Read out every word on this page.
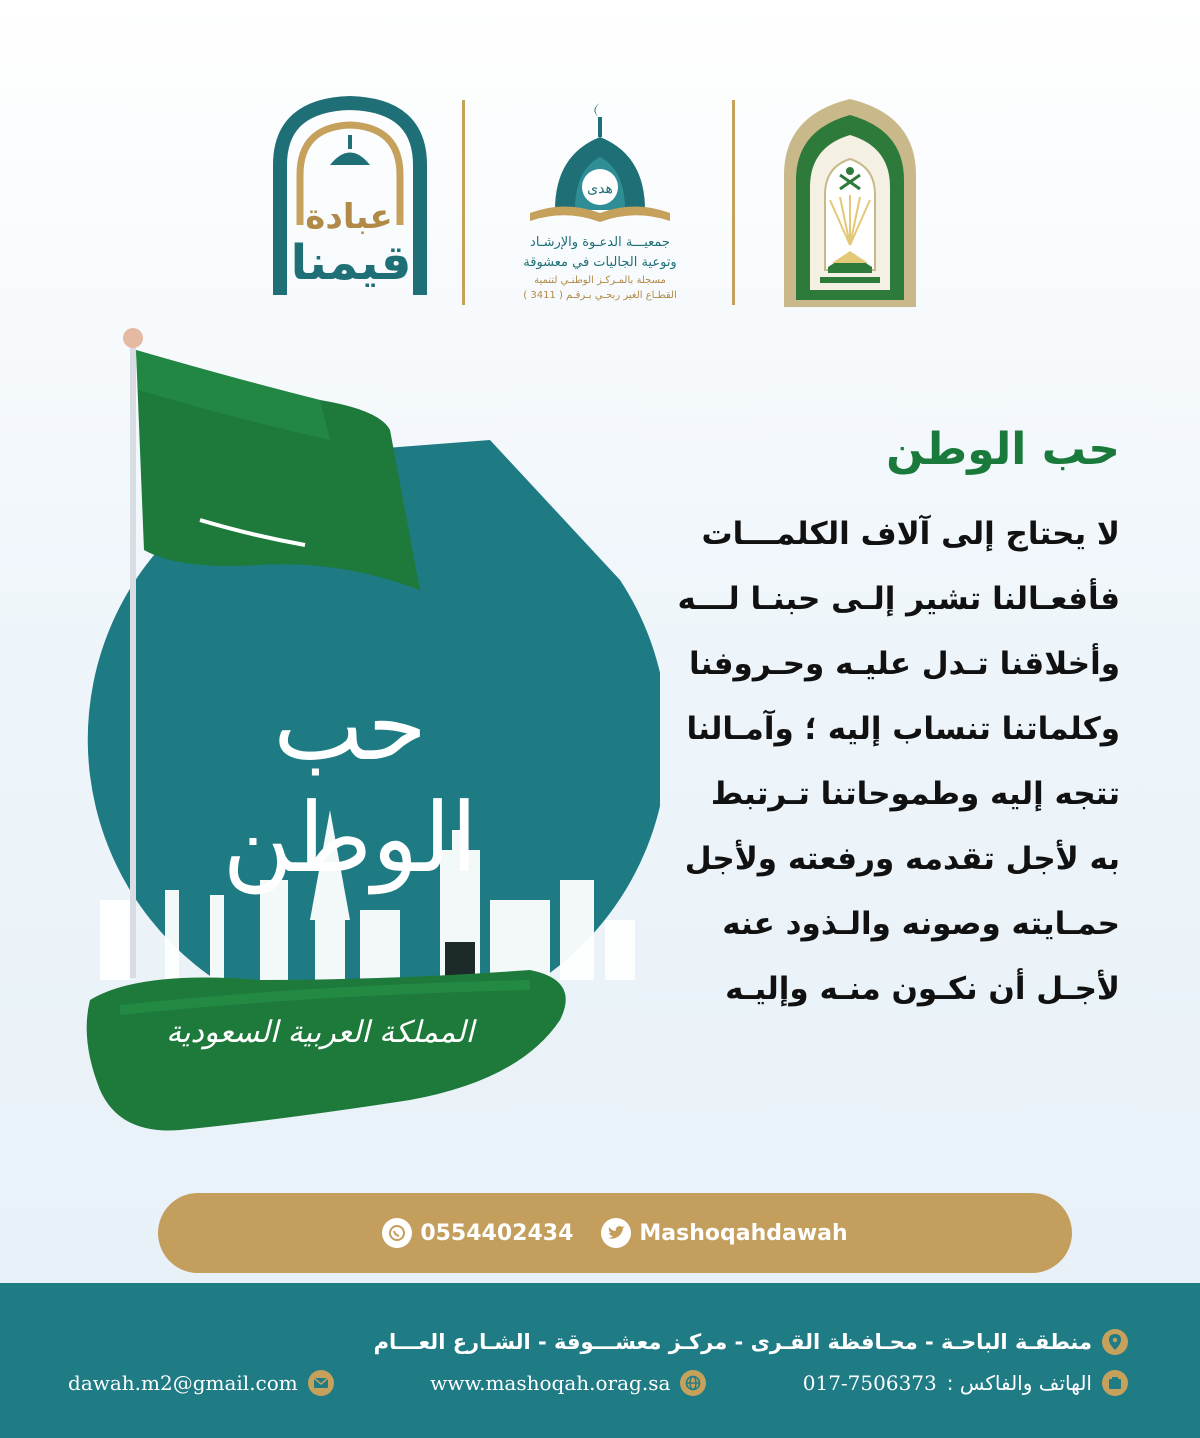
عبادة
قيمنا
هدى
جمعيـــة الدعـوة والإرشـاد
وتوعية الجاليات في معشوقة
مسجلة بالمـركـز الوطنـي لتنمية
القطـاع الغير ربحـي بـرقـم ( 3411 )
حب الوطن
المملكة العربية السعودية
حب الوطن
لا يحتاج إلى آلاف الكلمـــات
فأفعـالنا تشير إلـى حبنـا لـــه
وأخلاقنا تـدل عليـه وحـروفنا
وكلماتنا تنساب إليه ؛ وآمـالنا
تتجه إليه وطموحاتنا تـرتبط
به لأجل تقدمه ورفعته ولأجل
حمـايته وصونه والـذود عنه
لأجـل أن نكـون منـه وإليـه
0554402434	Mashoqahdawah
منطقـة الباحـة - محـافظة القـرى - مركـز معشـــوقة - الشـارع العـــام
الهاتف والفاكس :
017-7506373
www.mashoqah.orag.sa
dawah.m2@gmail.com
